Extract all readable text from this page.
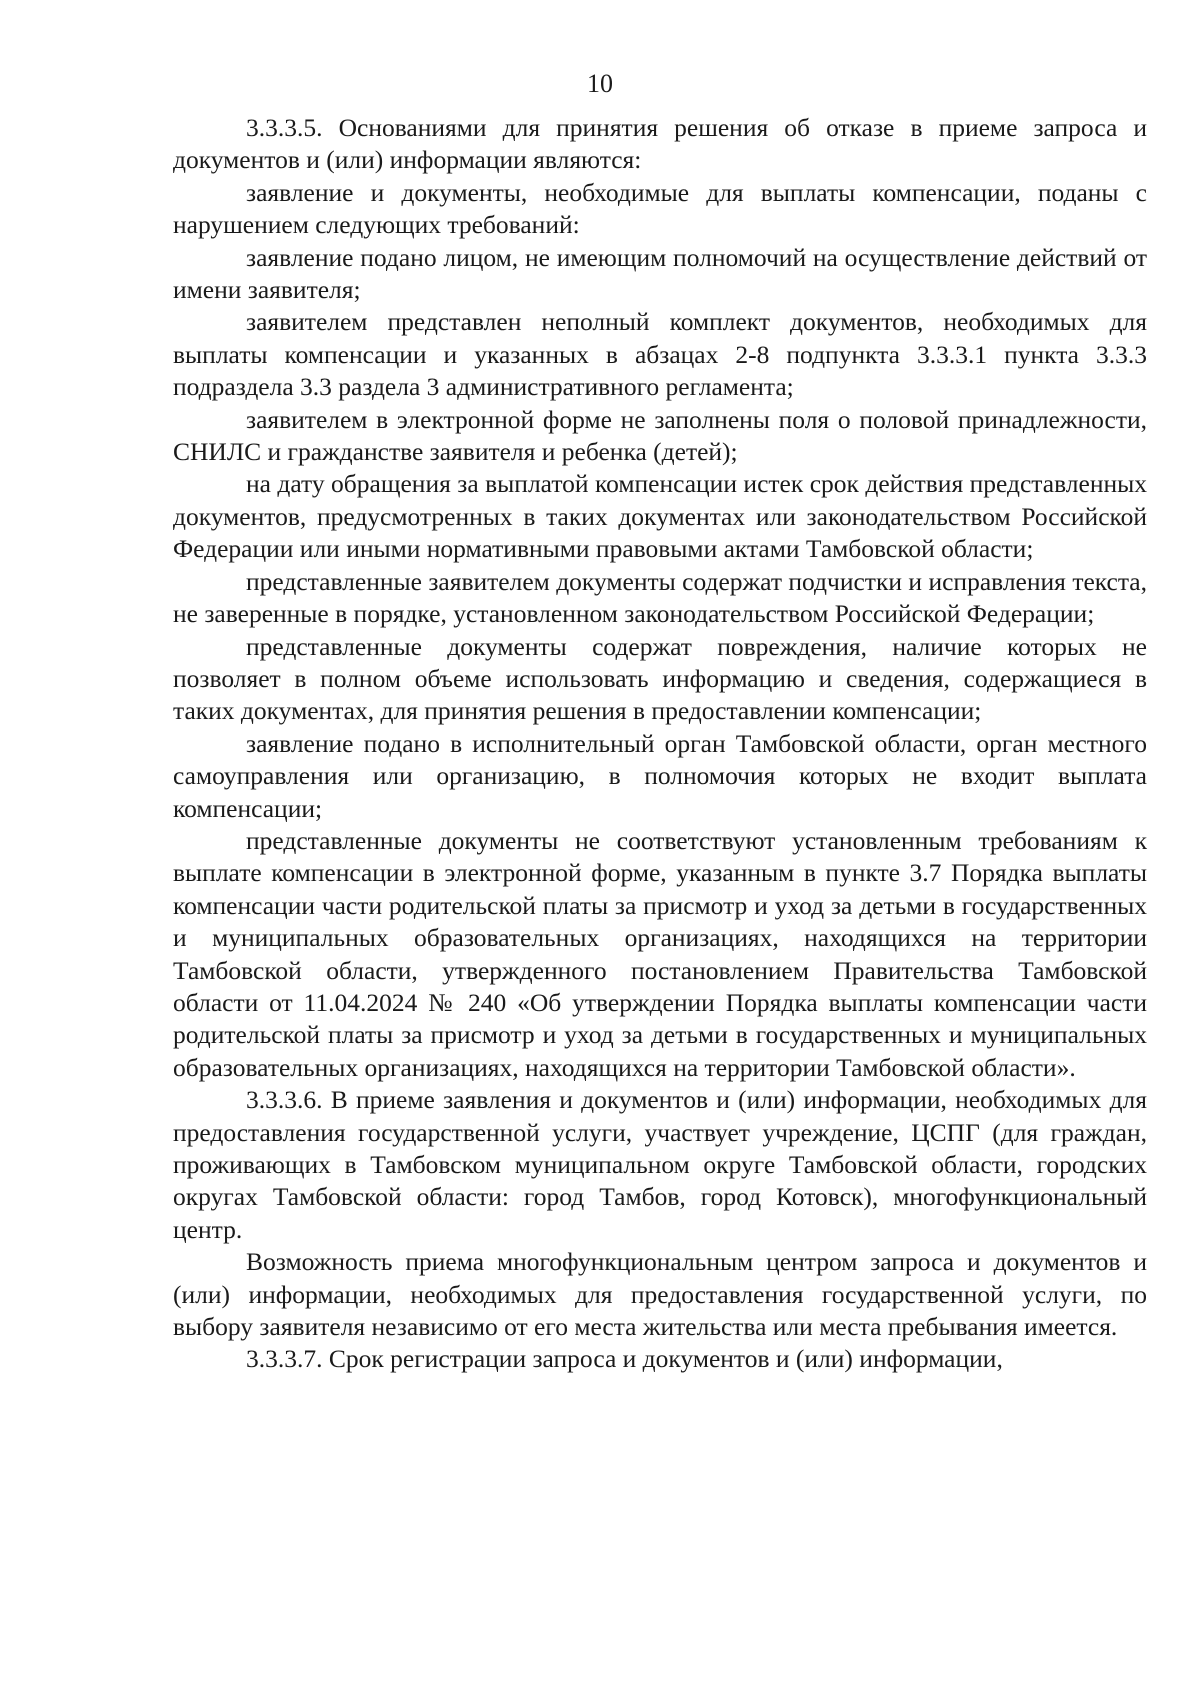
10

3.3.3.5. Основаниями для принятия решения об отказе в приеме запроса и документов и (или) информации являются:

заявление и документы, необходимые для выплаты компенсации, поданы с нарушением следующих требований:

заявление подано лицом, не имеющим полномочий на осуществление действий от имени заявителя;

заявителем представлен неполный комплект документов, необходимых для выплаты компенсации и указанных в абзацах 2-8 подпункта 3.3.3.1 пункта 3.3.3 подраздела 3.3 раздела 3 административного регламента;

заявителем в электронной форме не заполнены поля о половой принадлежности, СНИЛС и гражданстве заявителя и ребенка (детей);

на дату обращения за выплатой компенсации истек срок действия представленных документов, предусмотренных в таких документах или законодательством Российской Федерации или иными нормативными правовыми актами Тамбовской области;

представленные заявителем документы содержат подчистки и исправления текста, не заверенные в порядке, установленном законодательством Российской Федерации;

представленные документы содержат повреждения, наличие которых не позволяет в полном объеме использовать информацию и сведения, содержащиеся в таких документах, для принятия решения в предоставлении компенсации;

заявление подано в исполнительный орган Тамбовской области, орган местного самоуправления или организацию, в полномочия которых не входит выплата компенсации;

представленные документы не соответствуют установленным требованиям к выплате компенсации в электронной форме, указанным в пункте 3.7 Порядка выплаты компенсации части родительской платы за присмотр и уход за детьми в государственных и муниципальных образовательных организациях, находящихся на территории Тамбовской области, утвержденного постановлением Правительства Тамбовской области от 11.04.2024 № 240 «Об утверждении Порядка выплаты компенсации части родительской платы за присмотр и уход за детьми в государственных и муниципальных образовательных организациях, находящихся на территории Тамбовской области».

3.3.3.6. В приеме заявления и документов и (или) информации, необходимых для предоставления государственной услуги, участвует учреждение, ЦСПГ (для граждан, проживающих в Тамбовском муниципальном округе Тамбовской области, городских округах Тамбовской области: город Тамбов, город Котовск), многофункциональный центр.

Возможность приема многофункциональным центром запроса и документов и (или) информации, необходимых для предоставления государственной услуги, по выбору заявителя независимо от его места жительства или места пребывания имеется.

3.3.3.7. Срок регистрации запроса и документов и (или) информации,
